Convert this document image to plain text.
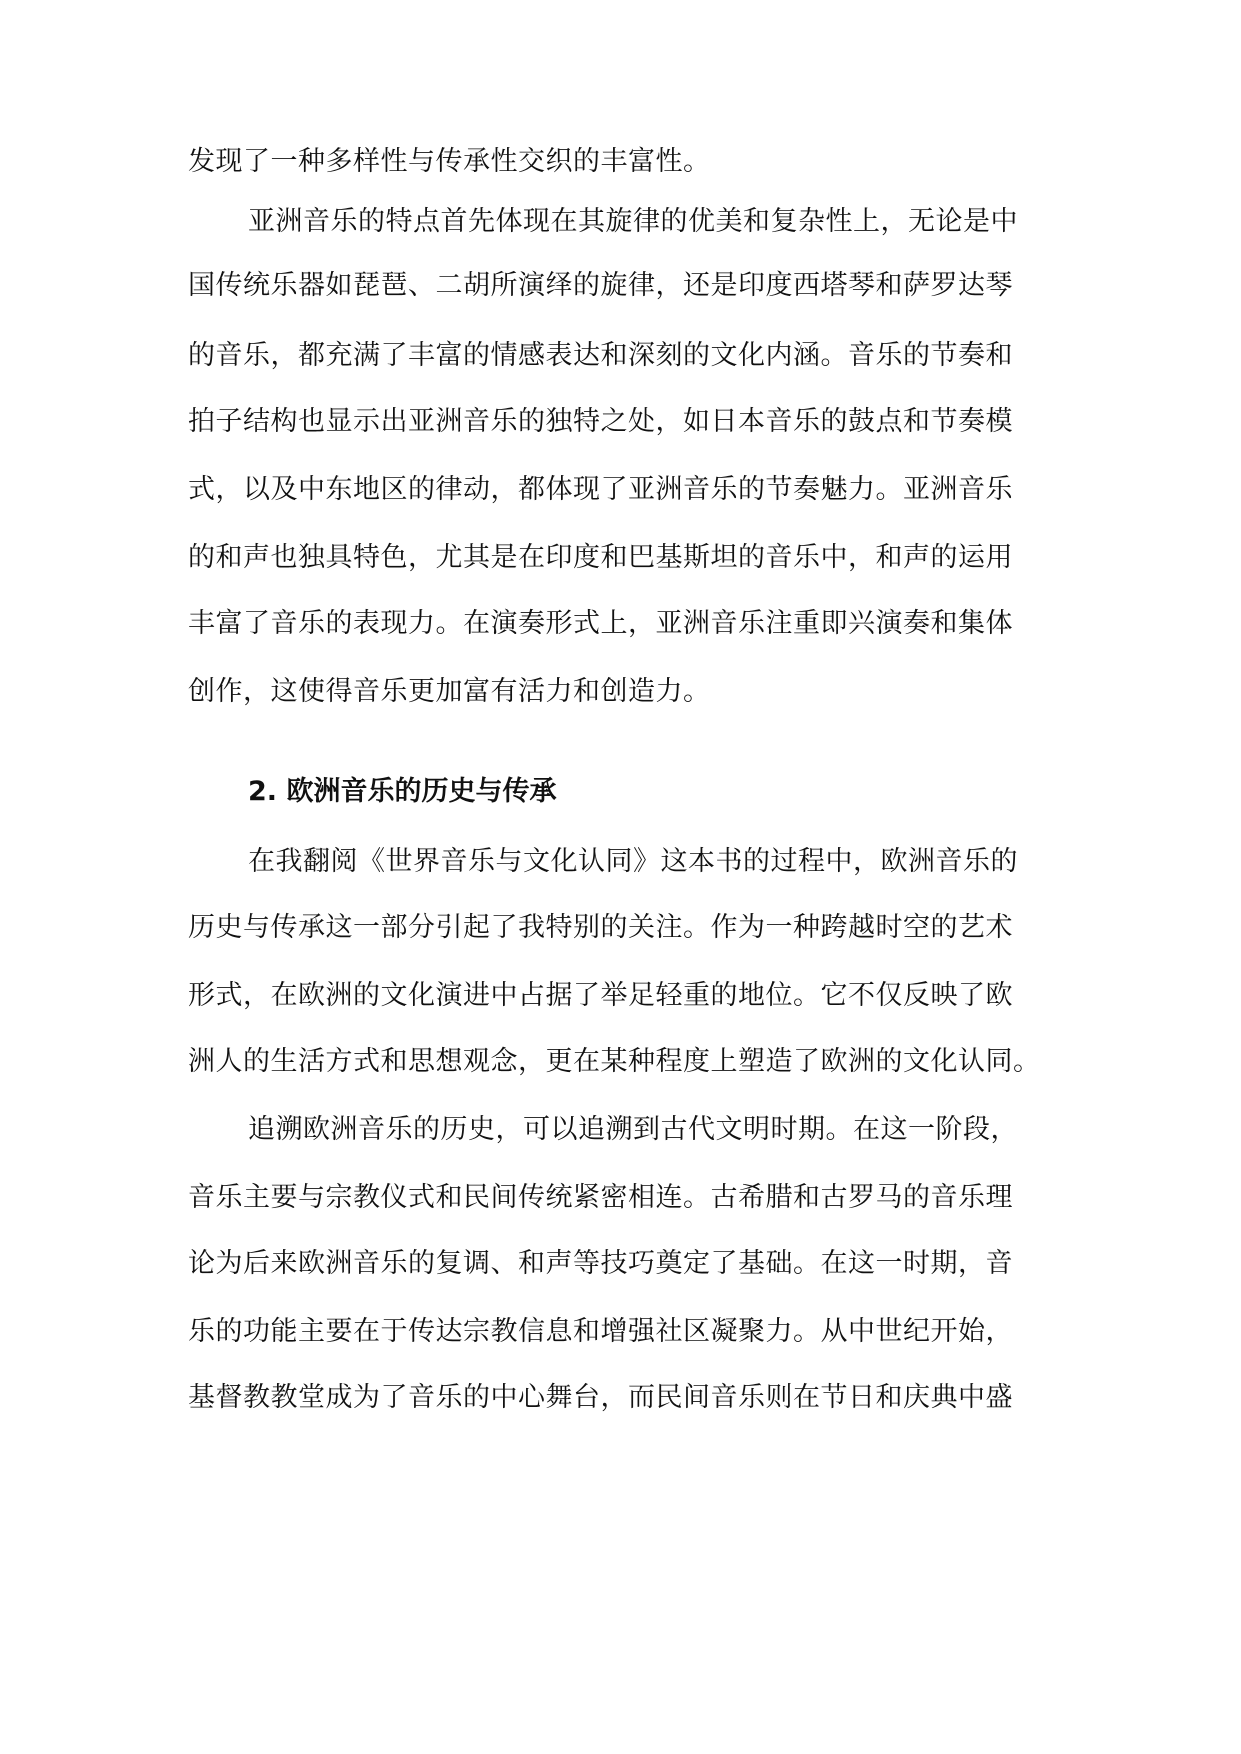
发现了一种多样性与传承性交织的丰富性。
亚洲音乐的特点首先体现在其旋律的优美和复杂性上，无论是中
国传统乐器如琵琶、二胡所演绎的旋律，还是印度西塔琴和萨罗达琴
的音乐，都充满了丰富的情感表达和深刻的文化内涵。音乐的节奏和
拍子结构也显示出亚洲音乐的独特之处，如日本音乐的鼓点和节奏模
式，以及中东地区的律动，都体现了亚洲音乐的节奏魅力。亚洲音乐
的和声也独具特色，尤其是在印度和巴基斯坦的音乐中，和声的运用
丰富了音乐的表现力。在演奏形式上，亚洲音乐注重即兴演奏和集体
创作，这使得音乐更加富有活力和创造力。
2. 欧洲音乐的历史与传承
在我翻阅《世界音乐与文化认同》这本书的过程中，欧洲音乐的
历史与传承这一部分引起了我特别的关注。作为一种跨越时空的艺术
形式，在欧洲的文化演进中占据了举足轻重的地位。它不仅反映了欧
洲人的生活方式和思想观念，更在某种程度上塑造了欧洲的文化认同。
追溯欧洲音乐的历史，可以追溯到古代文明时期。在这一阶段，
音乐主要与宗教仪式和民间传统紧密相连。古希腊和古罗马的音乐理
论为后来欧洲音乐的复调、和声等技巧奠定了基础。在这一时期，音
乐的功能主要在于传达宗教信息和增强社区凝聚力。从中世纪开始，
基督教教堂成为了音乐的中心舞台，而民间音乐则在节日和庆典中盛
